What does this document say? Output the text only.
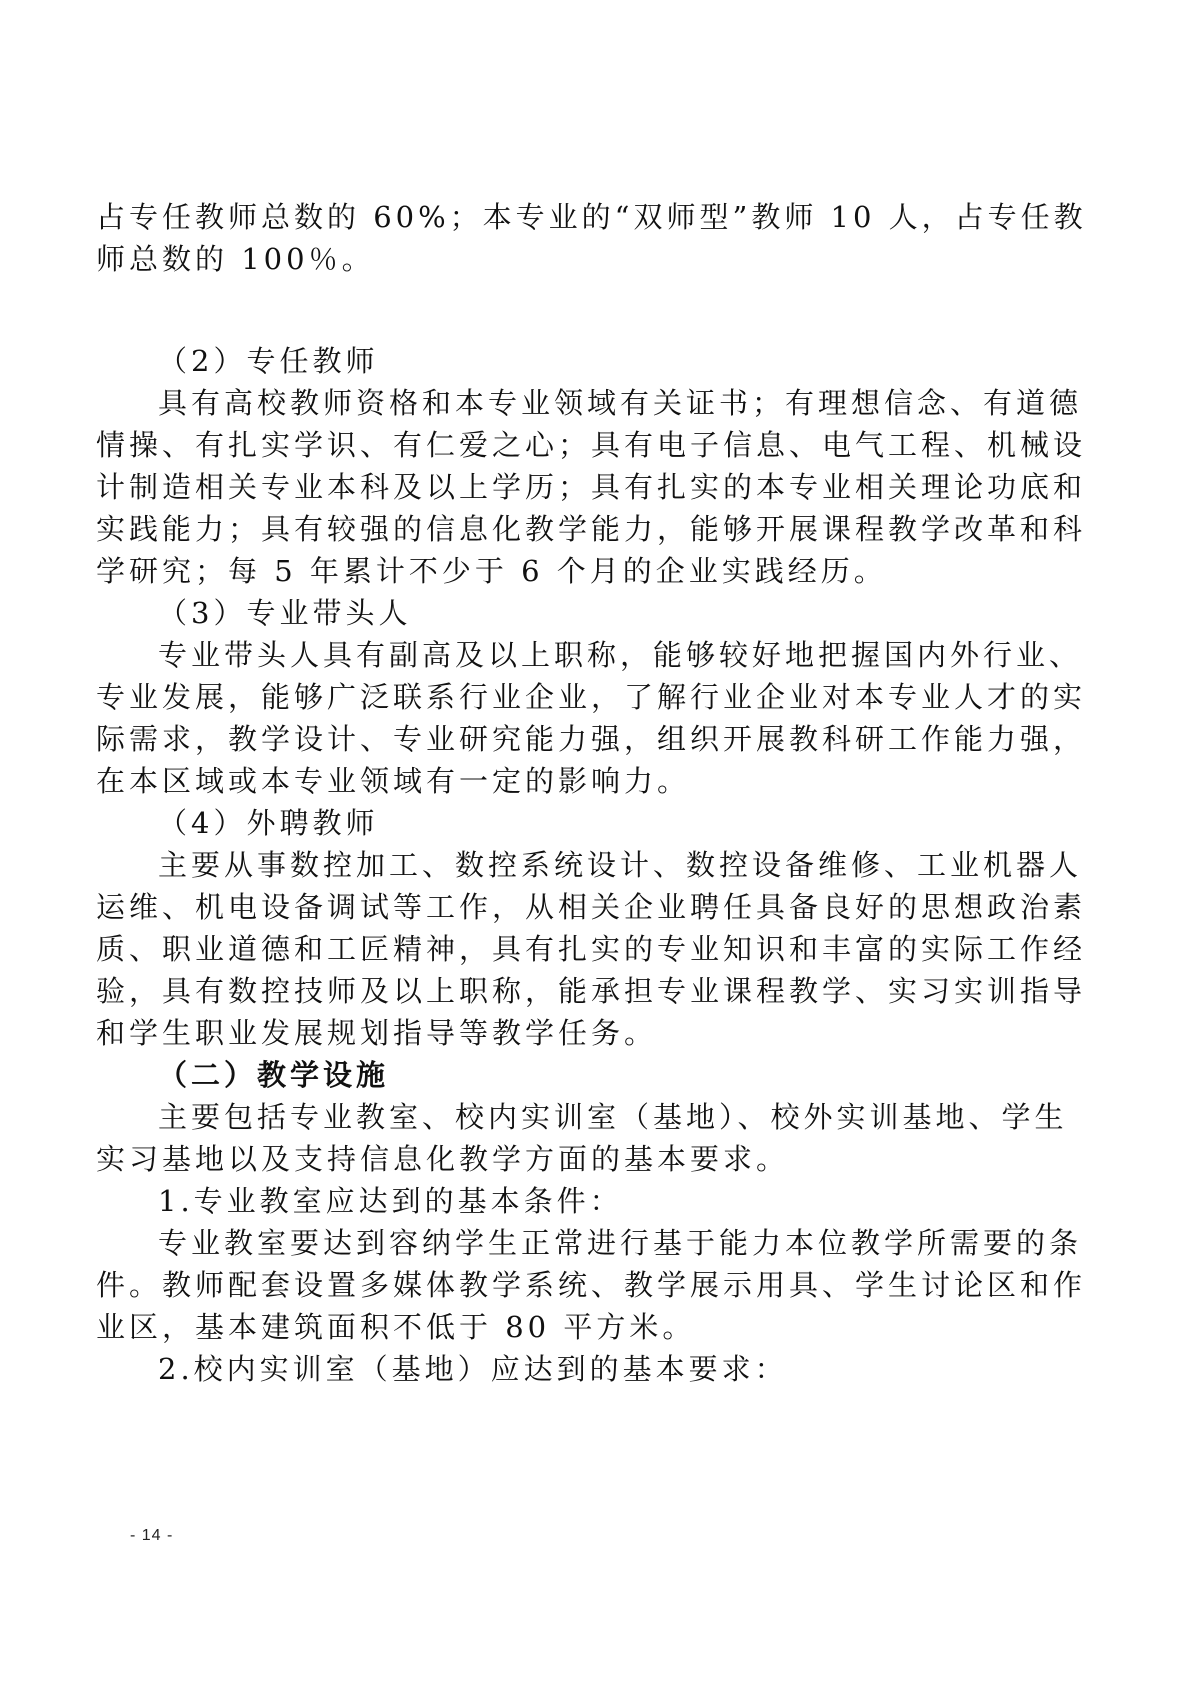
占专任教师总数的 60%；本专业的“双师型”教师 10 人，占专任教师总数的 100％。

（2）专任教师

具有高校教师资格和本专业领域有关证书；有理想信念、有道德情操、有扎实学识、有仁爱之心；具有电子信息、电气工程、机械设计制造相关专业本科及以上学历；具有扎实的本专业相关理论功底和实践能力；具有较强的信息化教学能力，能够开展课程教学改革和科学研究；每 5 年累计不少于 6 个月的企业实践经历。

（3）专业带头人

专业带头人具有副高及以上职称，能够较好地把握国内外行业、专业发展，能够广泛联系行业企业，了解行业企业对本专业人才的实际需求，教学设计、专业研究能力强，组织开展教科研工作能力强，在本区域或本专业领域有一定的影响力。

（4）外聘教师

主要从事数控加工、数控系统设计、数控设备维修、工业机器人运维、机电设备调试等工作，从相关企业聘任具备良好的思想政治素质、职业道德和工匠精神，具有扎实的专业知识和丰富的实际工作经验，具有数控技师及以上职称，能承担专业课程教学、实习实训指导和学生职业发展规划指导等教学任务。

（二）教学设施

主要包括专业教室、校内实训室（基地）、校外实训基地、学生实习基地以及支持信息化教学方面的基本要求。

1.专业教室应达到的基本条件：

专业教室要达到容纳学生正常进行基于能力本位教学所需要的条件。教师配套设置多媒体教学系统、教学展示用具、学生讨论区和作业区，基本建筑面积不低于 80 平方米。

2.校内实训室（基地）应达到的基本要求：

- 14 -
